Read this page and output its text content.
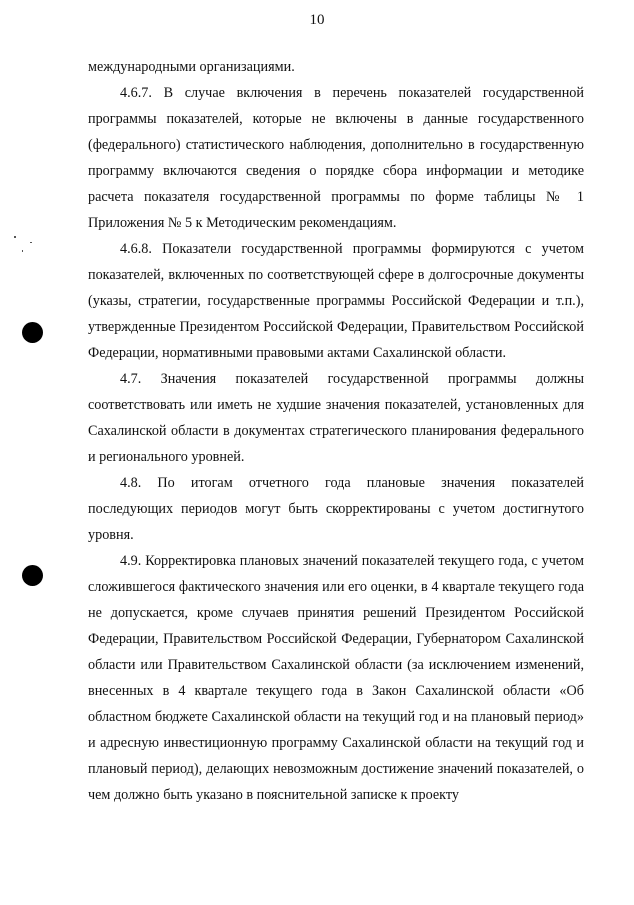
10

международными организациями.

4.6.7. В случае включения в перечень показателей государственной программы показателей, которые не включены в данные государственного (федерального) статистического наблюдения, дополнительно в государственную программу включаются сведения о порядке сбора информации и методике расчета показателя государственной программы по форме таблицы № 1 Приложения № 5 к Методическим рекомендациям.

4.6.8. Показатели государственной программы формируются с учетом показателей, включенных по соответствующей сфере в долгосрочные документы (указы, стратегии, государственные программы Российской Федерации и т.п.), утвержденные Президентом Российской Федерации, Правительством Российской Федерации, нормативными правовыми актами Сахалинской области.

4.7. Значения показателей государственной программы должны соответствовать или иметь не худшие значения показателей, установленных для Сахалинской области в документах стратегического планирования федерального и регионального уровней.

4.8. По итогам отчетного года плановые значения показателей последующих периодов могут быть скорректированы с учетом достигнутого уровня.

4.9. Корректировка плановых значений показателей текущего года, с учетом сложившегося фактического значения или его оценки, в 4 квартале текущего года не допускается, кроме случаев принятия решений Президентом Российской Федерации, Правительством Российской Федерации, Губернатором Сахалинской области или Правительством Сахалинской области (за исключением изменений, внесенных в 4 квартале текущего года в Закон Сахалинской области «Об областном бюджете Сахалинской области на текущий год и на плановый период» и адресную инвестиционную программу Сахалинской области на текущий год и плановый период), делающих невозможным достижение значений показателей, о чем должно быть указано в пояснительной записке к проекту
